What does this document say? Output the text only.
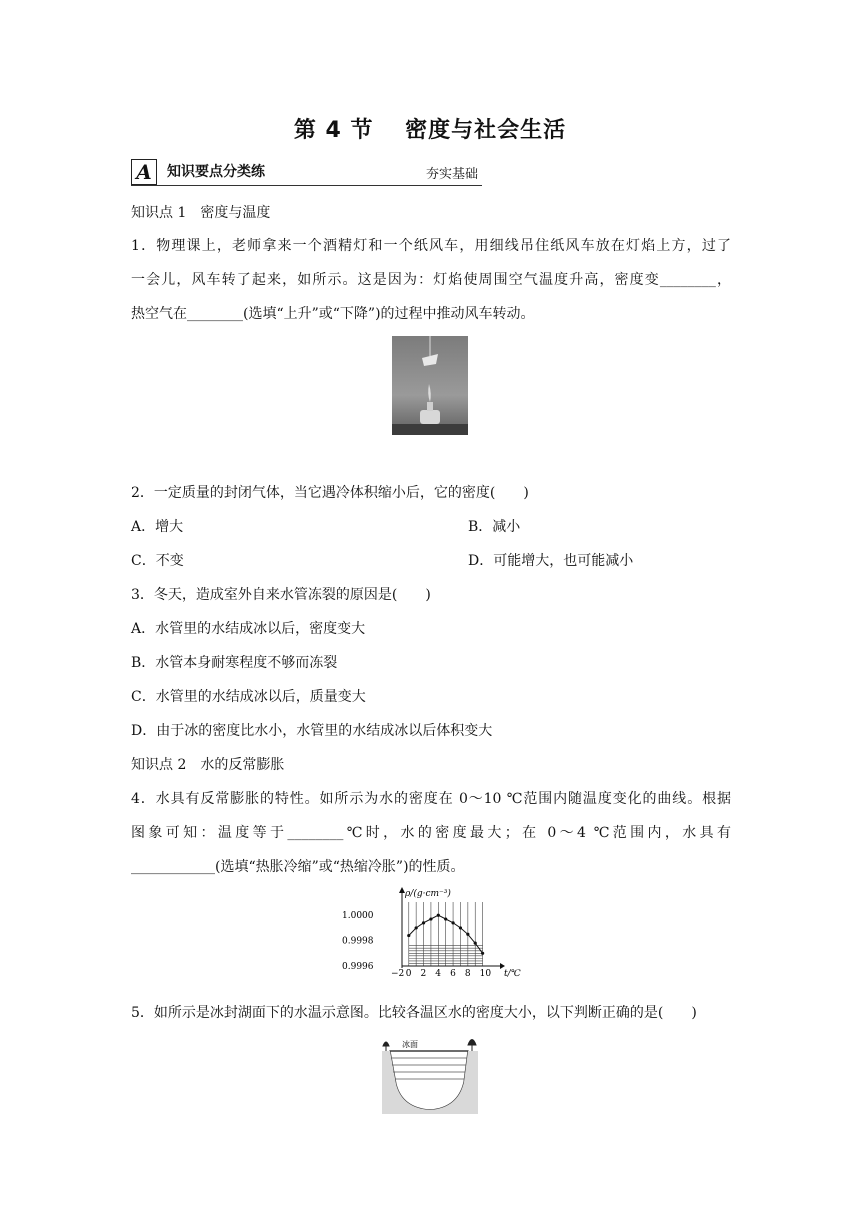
第 4 节　 密度与社会生活
A	知识要点分类练	夯实基础
知识点 1　密度与温度
1．物理课上，老师拿来一个酒精灯和一个纸风车，用细线吊住纸风车放在灯焰上方，过了
一会儿，风车转了起来，如所示。这是因为：灯焰使周围空气温度升高，密度变________，
热空气在________(选填“上升”或“下降”)的过程中推动风车转动。
2．一定质量的封闭气体，当它遇冷体积缩小后，它的密度(　　)
A．增大	B．减小
C．不变	D．可能增大，也可能减小
3．冬天，造成室外自来水管冻裂的原因是(　　)
A．水管里的水结成冰以后，密度变大
B．水管本身耐寒程度不够而冻裂
C．水管里的水结成冰以后，质量变大
D．由于冰的密度比水小，水管里的水结成冰以后体积变大
知识点 2　水的反常膨胀
4．水具有反常膨胀的特性。如所示为水的密度在 0～10 ℃范围内随温度变化的曲线。根据
图象可知：温度等于________℃时，水的密度最大；在 0～4 ℃范围内，水具有
____________(选填“热胀冷缩”或“热缩冷胀”)的性质。
−2 0 2 4 6 8 10
1.0000
0.9998
0.9996
ρ/(g·cm⁻³)
t/℃
5．如所示是冰封湖面下的水温示意图。比较各温区水的密度大小，以下判断正确的是(　　)
冰面
